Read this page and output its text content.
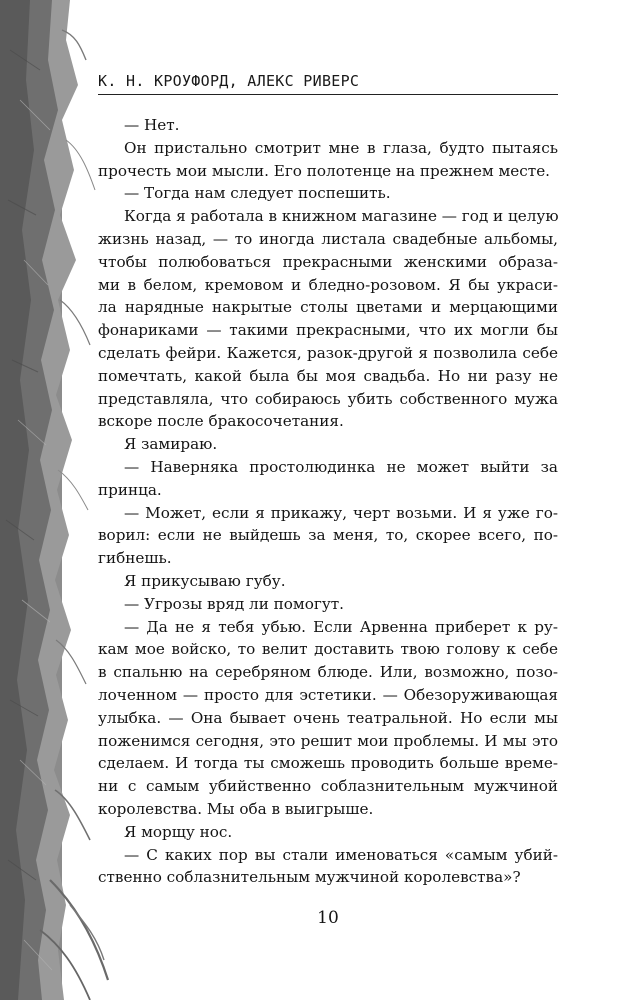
К. Н. КРОУФОРД, АЛЕКС РИВЕРС
— Нет.
Он пристально смотрит мне в глаза, будто пытаясь
прочесть мои мысли. Его полотенце на прежнем месте.
— Тогда нам следует поспешить.
Когда я работала в книжном магазине — год и целую
жизнь назад, — то иногда листала свадебные альбомы,
чтобы полюбоваться прекрасными женскими образа-
ми в белом, кремовом и бледно-розовом. Я бы украси-
ла нарядные накрытые столы цветами и мерцающими
фонариками — такими прекрасными, что их могли бы
сделать фейри. Кажется, разок-другой я позволила себе
помечтать, какой была бы моя свадьба. Но ни разу не
представляла, что собираюсь убить собственного мужа
вскоре после бракосочетания.
Я замираю.
— Наверняка простолюдинка не может выйти за
принца.
— Может, если я прикажу, черт возьми. И я уже го-
ворил: если не выйдешь за меня, то, скорее всего, по-
гибнешь.
Я прикусываю губу.
— Угрозы вряд ли помогут.
— Да не я тебя убью. Если Арвенна приберет к ру-
кам мое войско, то велит доставить твою голову к себе
в спальню на серебряном блюде. Или, возможно, позо-
лоченном — просто для эстетики. — Обезоруживающая
улыбка. — Она бывает очень театральной. Но если мы
поженимся сегодня, это решит мои проблемы. И мы это
сделаем. И тогда ты сможешь проводить больше време-
ни с самым убийственно соблазнительным мужчиной
королевства. Мы оба в выигрыше.
Я морщу нос.
— С каких пор вы стали именоваться «самым убий-
ственно соблазнительным мужчиной королевства»?
10
